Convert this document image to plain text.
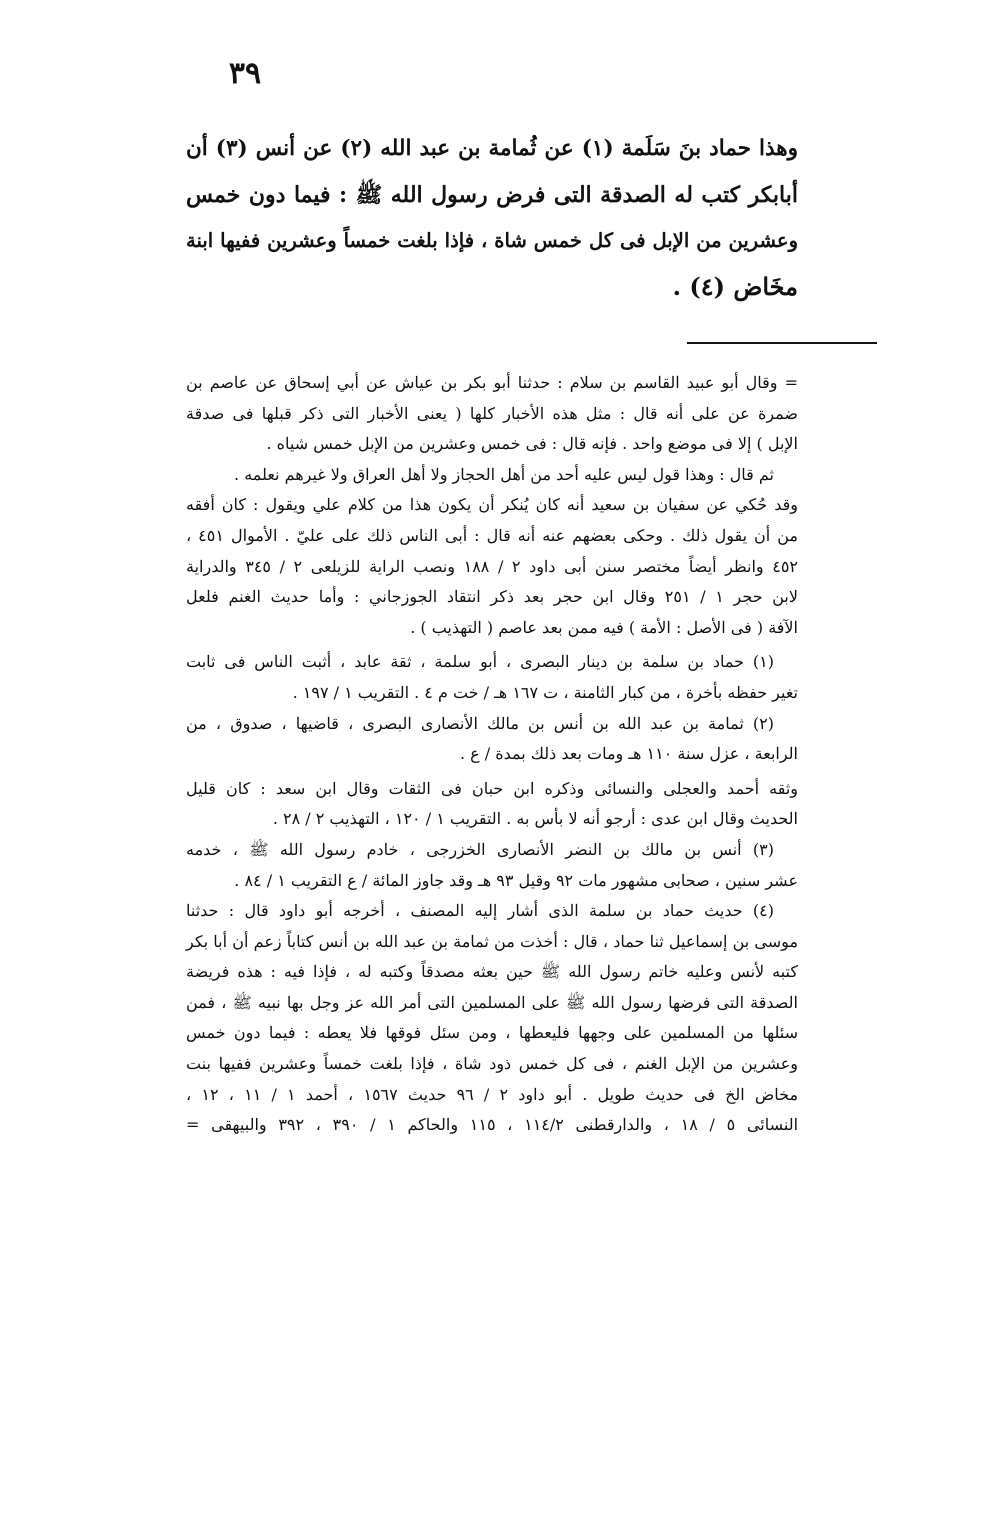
٣٩
وهذا حماد بنَ سَلَمة (١) عن ثُمامة بن عبد الله (٢) عن أنس (٣) أن
أبابكر كتب له الصدقة التى فرض رسول الله ﷺ : فيما دون خمس
وعشرين من الإبل فى كل خمس شاة ، فإذا بلغت خمساً وعشرين ففيها ابنة
مخَاض (٤) .
= وقال أبو عبيد القاسم بن سلام : حدثنا أبو بكر بن عياش عن أبي إسحاق عن عاصم بن
ضمرة عن على أنه قال : مثل هذه الأخبار كلها ( يعنى الأخبار التى ذكر قبلها فى صدقة
الإبل ) إلا فى موضع واحد . فإنه قال : فى خمس وعشرين من الإبل خمس شياه .
ثم قال : وهذا قول ليس عليه أحد من أهل الحجاز ولا أهل العراق ولا غيرهم نعلمه .
وقد حُكي عن سفيان بن سعيد أنه كان يُنكر أن يكون هذا من كلام علي ويقول : كان أفقه
من أن يقول ذلك . وحكى بعضهم عنه أنه قال : أبى الناس ذلك على عليّ . الأموال ٤٥١ ،
٤٥٢ وانظر أيضاً مختصر سنن أبى داود ٢ / ١٨٨ ونصب الراية للزيلعى ٢ / ٣٤٥ والدراية
لابن حجر ١ / ٢٥١ وقال ابن حجر بعد ذكر انتقاد الجوزجاني : وأما حديث الغنم فلعل
الآفة ( فى الأصل : الأمة ) فيه ممن بعد عاصم ( التهذيب ) .
(١) حماد بن سلمة بن دينار البصرى ، أبو سلمة ، ثقة عابد ، أثبت الناس فى ثابت
تغير حفظه بأخرة ، من كبار الثامنة ، ت ١٦٧ هـ / خت م ٤ . التقريب ١ / ١٩٧ .
(٢) ثمامة بن عبد الله بن أنس بن مالك الأنصارى البصرى ، قاضيها ، صدوق ، من
الرابعة ، عزل سنة ١١٠ هـ ومات بعد ذلك بمدة / ع .
وثقه أحمد والعجلى والنسائى وذكره ابن حبان فى الثقات وقال ابن سعد : كان قليل
الحديث وقال ابن عدى : أرجو أنه لا بأس به . التقريب ١ / ١٢٠ ، التهذيب ٢ / ٢٨ .
(٣) أنس بن مالك بن النضر الأنصارى الخزرجى ، خادم رسول الله ﷺ ، خدمه
عشر سنين ، صحابى مشهور مات ٩٢ وقيل ٩٣ هـ وقد جاوز المائة / ع التقريب ١ / ٨٤ .
(٤) حديث حماد بن سلمة الذى أشار إليه المصنف ، أخرجه أبو داود قال : حدثنا
موسى بن إسماعيل ثنا حماد ، قال : أخذت من ثمامة بن عبد الله بن أنس كتاباً زعم أن أبا بكر
كتبه لأنس وعليه خاتم رسول الله ﷺ حين بعثه مصدقاً وكتبه له ، فإذا فيه : هذه فريضة
الصدقة التى فرضها رسول الله ﷺ على المسلمين التى أمر الله عز وجل بها نبيه ﷺ ، فمن
سئلها من المسلمين على وجهها فليعطها ، ومن سئل فوقها فلا يعطه : فيما دون خمس
وعشرين من الإبل الغنم ، فى كل خمس ذود شاة ، فإذا بلغت خمساً وعشرين ففيها بنت
مخاض الخ فى حديث طويل . أبو داود ٢ / ٩٦ حديث ١٥٦٧ ، أحمد ١ / ١١ ، ١٢ ،
النسائى ٥ / ١٨ ، والدارقطنى ١١٤/٢ ، ١١٥ والحاكم ١ / ٣٩٠ ، ٣٩٢ والبيهقى =
